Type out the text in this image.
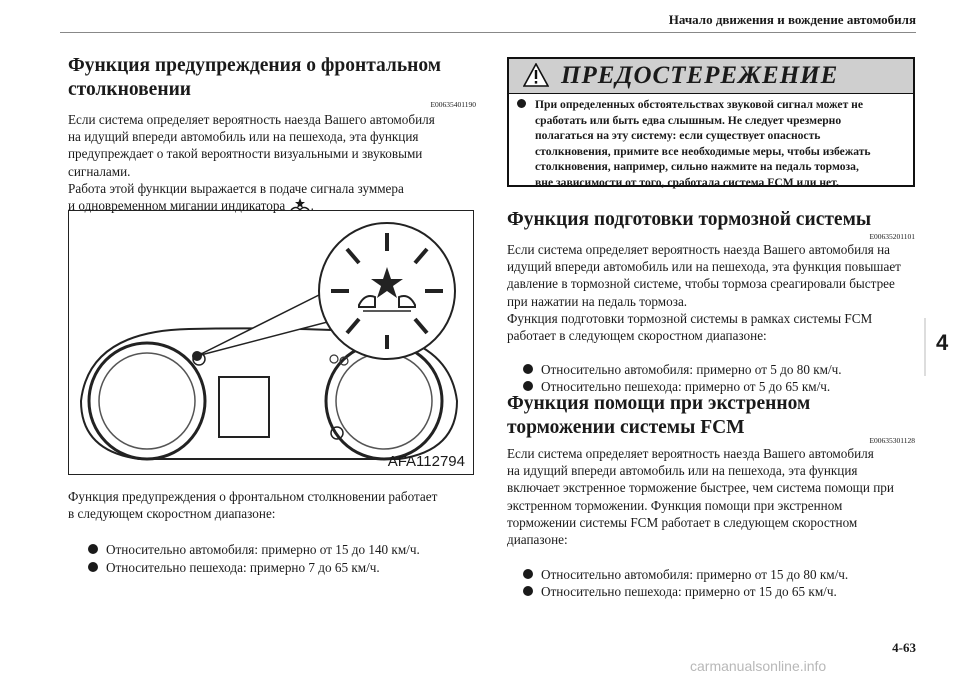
Начало движения и вождение автомобиля
Функция предупреждения о фронтальном
столкновении
E00635401190

Если система определяет вероятность наезда Вашего автомобиля

на идущий впереди автомобиль или на пешехода, эта функция

предупреждает о такой вероятности визуальными и звуковыми

сигналами.

Работа этой функции выражается в подаче сигнала зуммера

и одновременном мигании индикатора .

AFA112794

Функция предупреждения о фронтальном столкновении работает

в следующем скоростном диапазоне:

Относительно автомобиля: примерно от 15 до 140 км/ч.
Относительно пешехода: примерно 7 до 65 км/ч.
ПРЕДОСТЕРЕЖЕНИЕ
При определенных обстоятельствах звуковой сигнал может не
сработать или быть едва слышным. Не следует чрезмерно
полагаться на эту систему: если существует опасность
столкновения, примите все необходимые меры, чтобы избежать
столкновения, например, сильно нажмите на педаль тормоза,
вне зависимости от того, сработала система FCM или нет.
Функция подготовки тормозной системы
E00635201101

Если система определяет вероятность наезда Вашего автомобиля на

идущий впереди автомобиль или на пешехода, эта функция повышает

давление в тормозной системе, чтобы тормоза среагировали быстрее

при нажатии на педаль тормоза.

Функция подготовки тормозной системы в рамках системы FCM

работает в следующем скоростном диапазоне:

Относительно автомобиля: примерно от 5 до 80 км/ч.
Относительно пешехода: примерно от 5 до 65 км/ч.
Функция помощи при экстренном
торможении системы FCM
E00635301128

Если система определяет вероятность наезда Вашего автомобиля

на идущий впереди автомобиль или на пешехода, эта функция

включает экстренное торможение быстрее, чем система помощи при

экстренном торможении. Функция помощи при экстренном

торможении системы FCM работает в следующем скоростном

диапазоне:

Относительно автомобиля: примерно от 15 до 80 км/ч.
Относительно пешехода: примерно от 15 до 65 км/ч.
4
4-63
carmanualsonline.info
